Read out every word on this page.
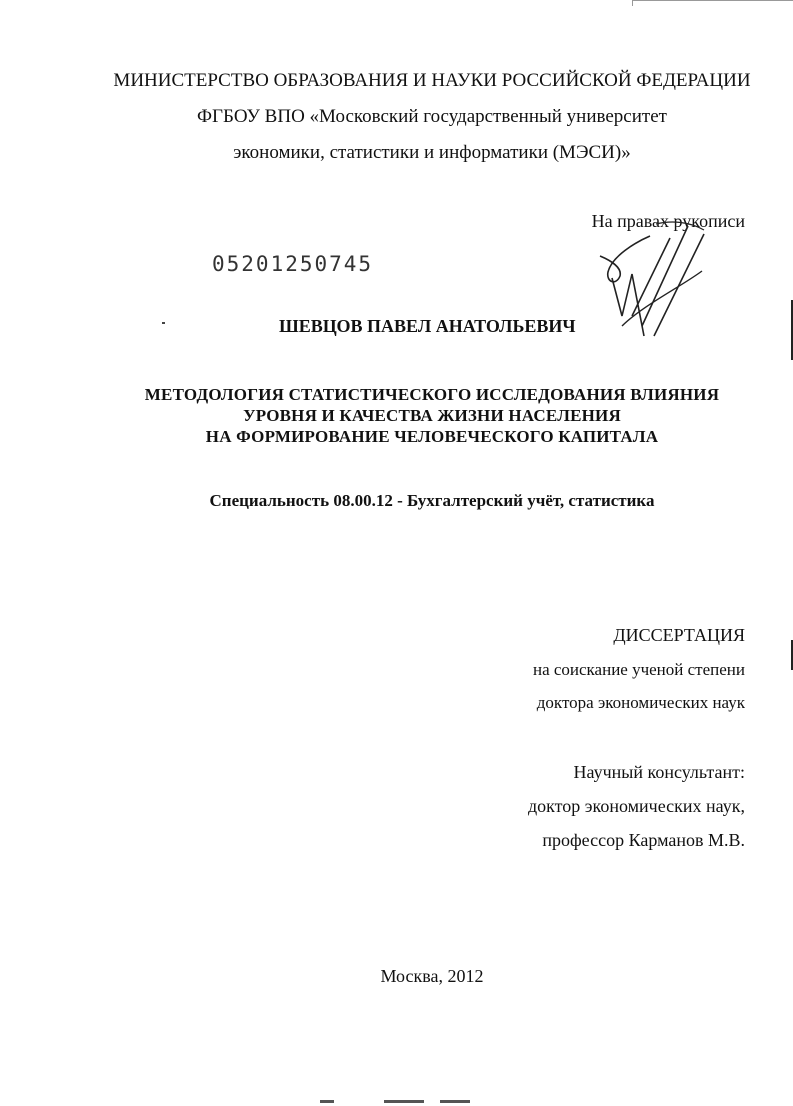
МИНИСТЕРСТВО ОБРАЗОВАНИЯ И НАУКИ РОССИЙСКОЙ ФЕДЕРАЦИИ
ФГБОУ ВПО «Московский государственный университет
экономики, статистики и информатики (МЭСИ)»
На правах рукописи
05201250745
ШЕВЦОВ ПАВЕЛ АНАТОЛЬЕВИЧ
МЕТОДОЛОГИЯ СТАТИСТИЧЕСКОГО ИССЛЕДОВАНИЯ ВЛИЯНИЯ
УРОВНЯ И КАЧЕСТВА ЖИЗНИ НАСЕЛЕНИЯ
НА ФОРМИРОВАНИЕ ЧЕЛОВЕЧЕСКОГО КАПИТАЛА
Специальность 08.00.12 - Бухгалтерский учёт, статистика
ДИССЕРТАЦИЯ
на соискание ученой степени
доктора экономических наук
Научный консультант:
доктор экономических наук,
профессор Карманов М.В.
Москва, 2012
